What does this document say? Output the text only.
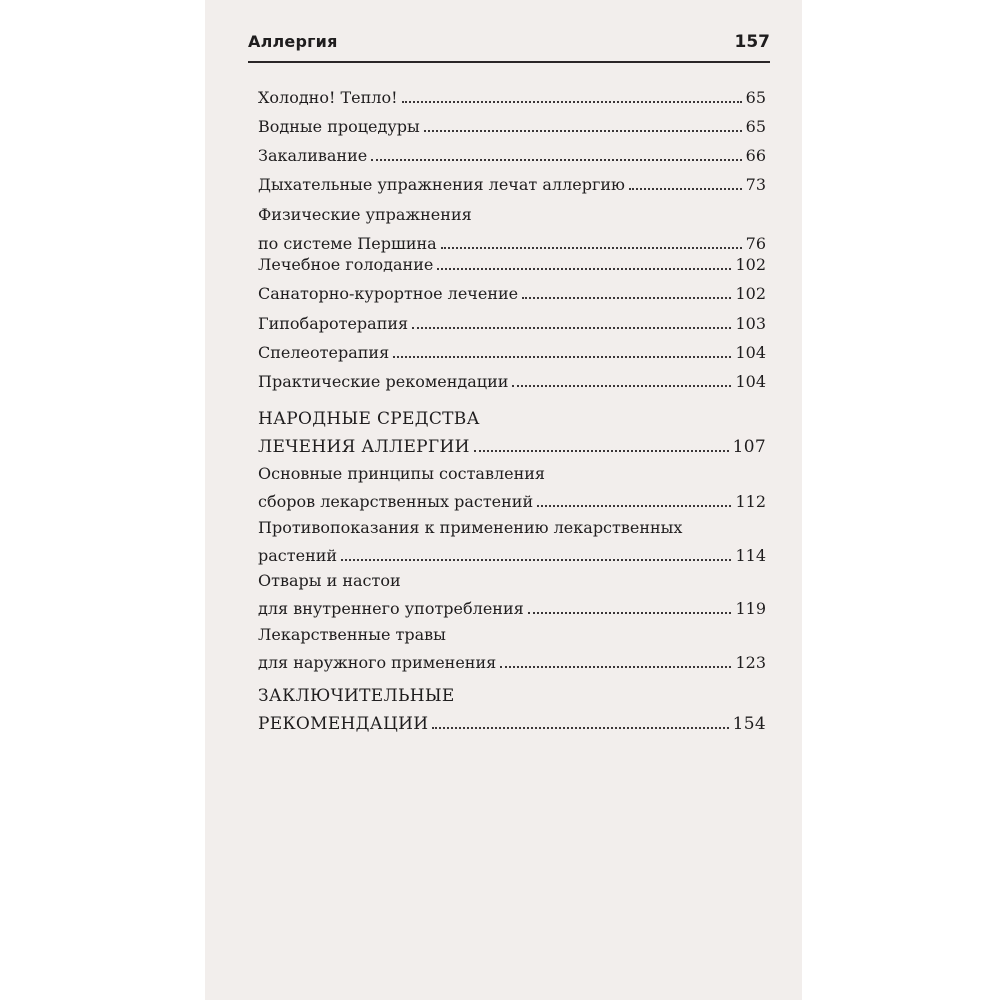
Аллергия	157
Холодно! Тепло!	65
Водные процедуры	65
Закаливание	66
Дыхательные упражнения лечат аллергию	73
Физические упражнения
по системе Першина	76
Лечебное голодание	102
Санаторно-курортное лечение	102
Гипобаротерапия	103
Спелеотерапия	104
Практические рекомендации	104
НАРОДНЫЕ СРЕДСТВА
ЛЕЧЕНИЯ АЛЛЕРГИИ	107
Основные принципы составления
сборов лекарственных растений	112
Противопоказания к применению лекарственных
растений	114
Отвары и настои
для внутреннего употребления	119
Лекарственные травы
для наружного применения	123
ЗАКЛЮЧИТЕЛЬНЫЕ
РЕКОМЕНДАЦИИ	154
